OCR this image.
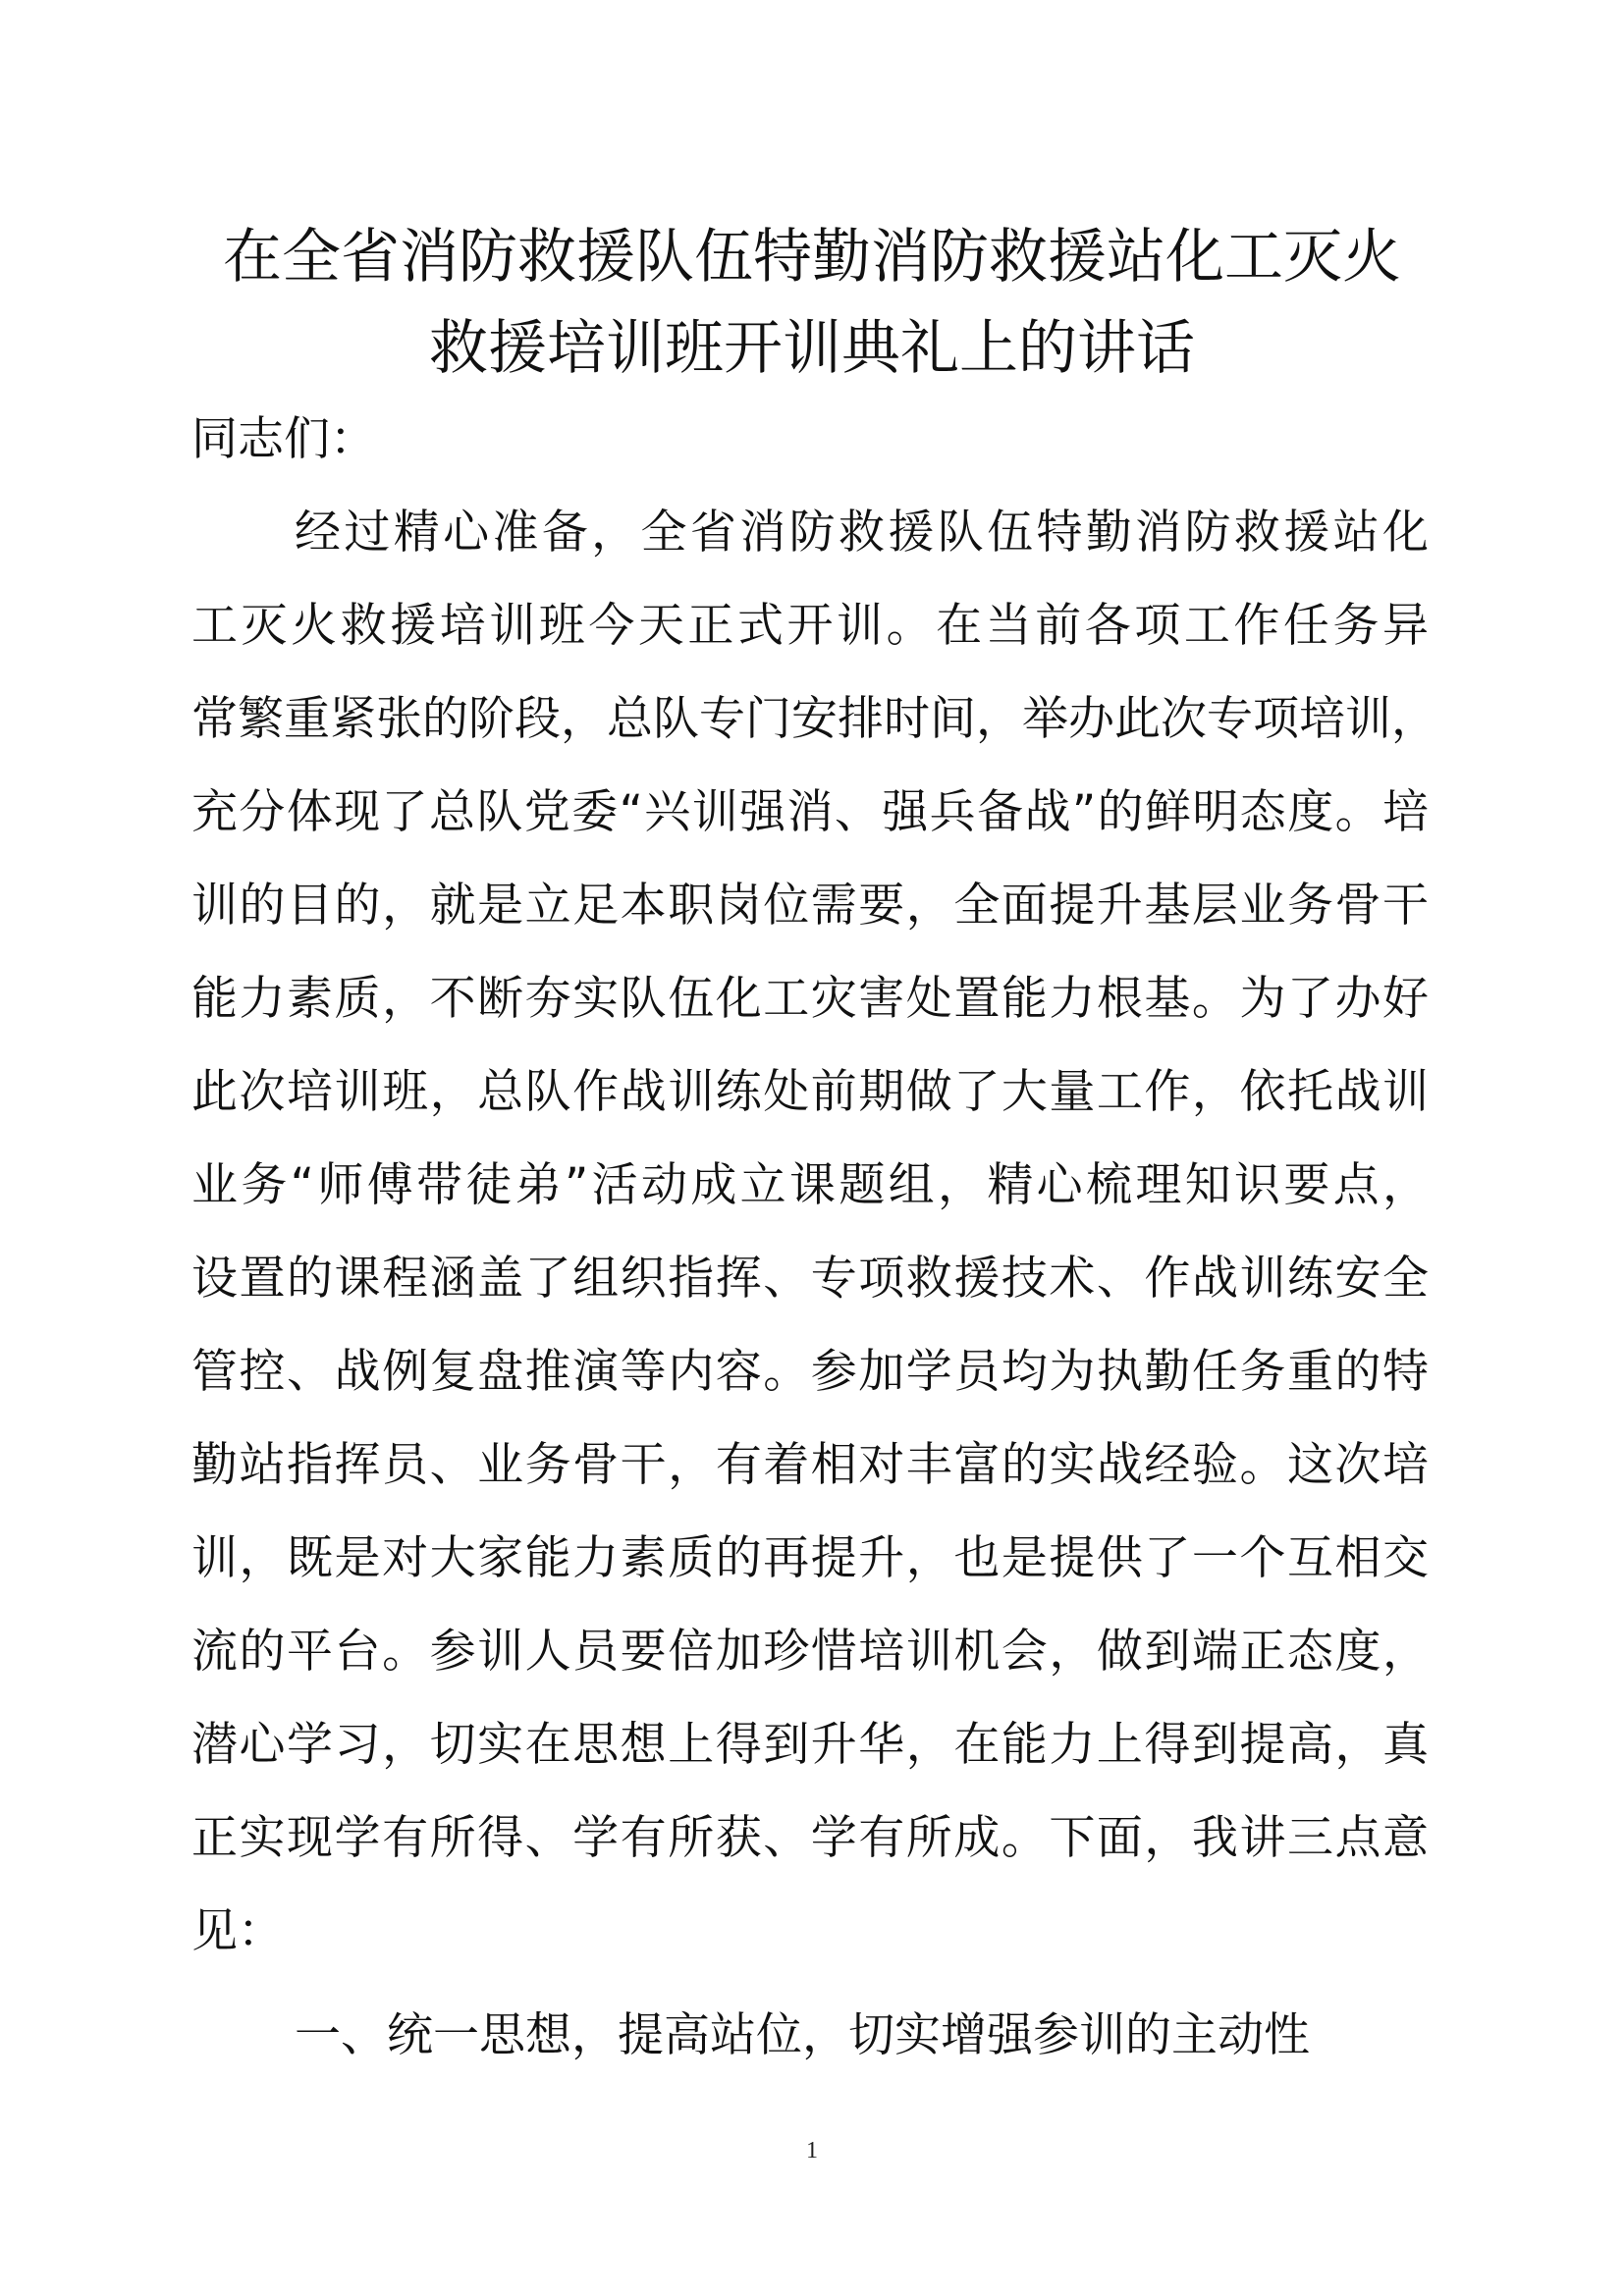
在全省消防救援队伍特勤消防救援站化工灭火
救援培训班开训典礼上的讲话
同志们：
经过精心准备，全省消防救援队伍特勤消防救援站化
工灭火救援培训班今天正式开训。在当前各项工作任务异
常繁重紧张的阶段，总队专门安排时间，举办此次专项培训，
充分体现了总队党委“兴训强消、强兵备战”的鲜明态度。培
训的目的，就是立足本职岗位需要，全面提升基层业务骨干
能力素质，不断夯实队伍化工灾害处置能力根基。为了办好
此次培训班，总队作战训练处前期做了大量工作，依托战训
业务“师傅带徒弟”活动成立课题组，精心梳理知识要点，
设置的课程涵盖了组织指挥、专项救援技术、作战训练安全
管控、战例复盘推演等内容。参加学员均为执勤任务重的特
勤站指挥员、业务骨干，有着相对丰富的实战经验。这次培
训，既是对大家能力素质的再提升，也是提供了一个互相交
流的平台。参训人员要倍加珍惜培训机会，做到端正态度，
潜心学习，切实在思想上得到升华，在能力上得到提高，真
正实现学有所得、学有所获、学有所成。下面，我讲三点意
见：
一、统一思想，提高站位，切实增强参训的主动性
1
